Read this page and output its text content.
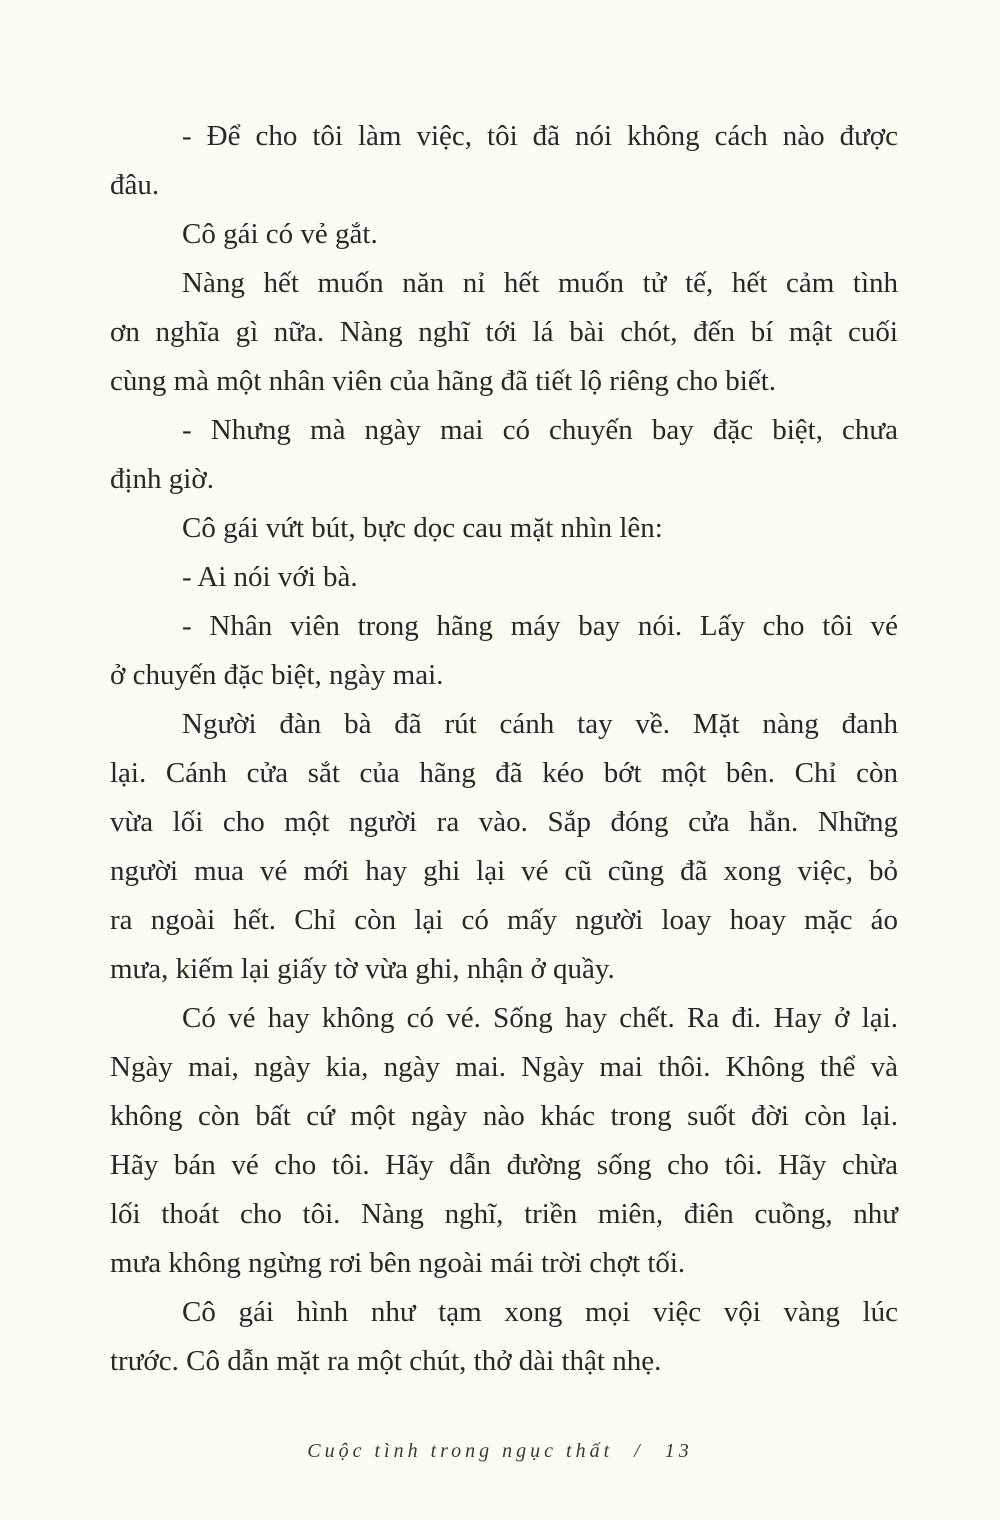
- Để cho tôi làm việc, tôi đã nói không cách nào được
đâu.
Cô gái có vẻ gắt.
Nàng hết muốn năn nỉ hết muốn tử tế, hết cảm tình
ơn nghĩa gì nữa. Nàng nghĩ tới lá bài chót, đến bí mật cuối
cùng mà một nhân viên của hãng đã tiết lộ riêng cho biết.
- Nhưng mà ngày mai có chuyến bay đặc biệt, chưa
định giờ.
Cô gái vứt bút, bực dọc cau mặt nhìn lên:
- Ai nói với bà.
- Nhân viên trong hãng máy bay nói. Lấy cho tôi vé
ở chuyến đặc biệt, ngày mai.
Người đàn bà đã rút cánh tay về. Mặt nàng đanh
lại. Cánh cửa sắt của hãng đã kéo bớt một bên. Chỉ còn
vừa lối cho một người ra vào. Sắp đóng cửa hẳn. Những
người mua vé mới hay ghi lại vé cũ cũng đã xong việc, bỏ
ra ngoài hết. Chỉ còn lại có mấy người loay hoay mặc áo
mưa, kiếm lại giấy tờ vừa ghi, nhận ở quầy.
Có vé hay không có vé. Sống hay chết. Ra đi. Hay ở lại.
Ngày mai, ngày kia, ngày mai. Ngày mai thôi. Không thể và
không còn bất cứ một ngày nào khác trong suốt đời còn lại.
Hãy bán vé cho tôi. Hãy dẫn đường sống cho tôi. Hãy chừa
lối thoát cho tôi. Nàng nghĩ, triền miên, điên cuồng, như
mưa không ngừng rơi bên ngoài mái trời chợt tối.
Cô gái hình như tạm xong mọi việc vội vàng lúc
trước. Cô dẫn mặt ra một chút, thở dài thật nhẹ.
Cuộc tình trong ngục thất / 13
